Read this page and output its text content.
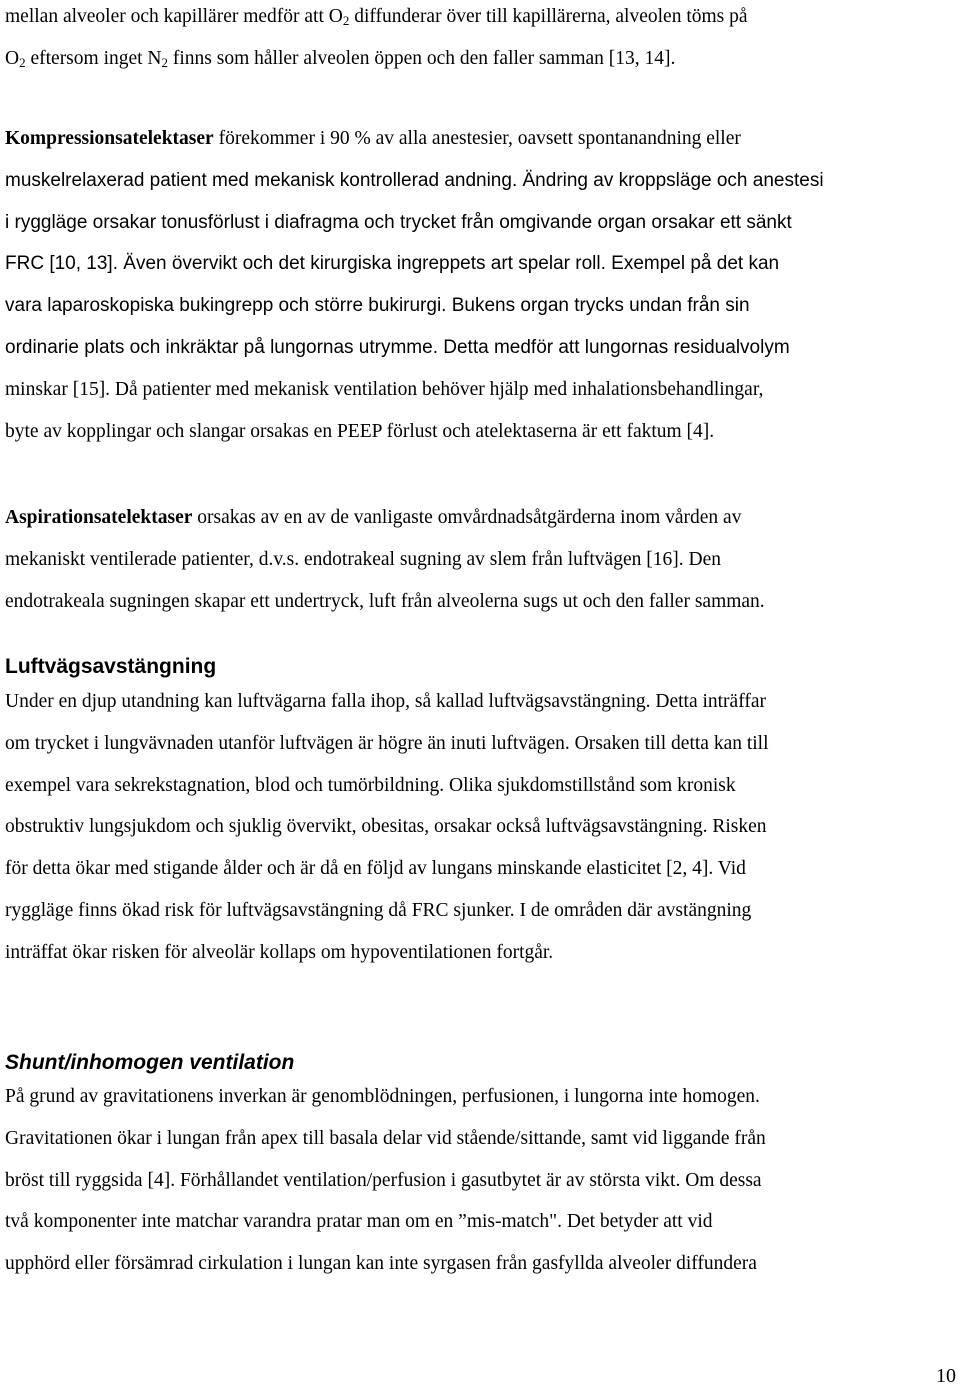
mellan alveoler och kapillärer medför att $O_2$ diffunderar över till kapillärerna, alveolen töms på
$O_2$ eftersom inget $N_2$ finns som håller alveolen öppen och den faller samman [13, 14].

Kompressionsatelektaser förekommer i 90 % av alla anestesier, oavsett spontanandning eller
muskelrelaxerad patient med mekanisk kontrollerad andning. Ändring av kroppsläge och anestesi
i ryggläge orsakar tonusförlust i diafragma och trycket från omgivande organ orsakar ett sänkt
FRC [10, 13]. Även övervikt och det kirurgiska ingreppets art spelar roll. Exempel på det kan
vara laparoskopiska bukingrepp och större bukirurgi. Bukens organ trycks undan från sin
ordinarie plats och inkräktar på lungornas utrymme. Detta medför att lungornas residualvolym
minskar [15]. Då patienter med mekanisk ventilation behöver hjälp med inhalationsbehandlingar,
byte av kopplingar och slangar orsakas en PEEP förlust och atelektaserna är ett faktum [4].

Aspirationsatelektaser orsakas av en av de vanligaste omvårdnadsåtgärderna inom vården av
mekaniskt ventilerade patienter, d.v.s. endotrakeal sugning av slem från luftvägen [16]. Den
endotrakeala sugningen skapar ett undertryck, luft från alveolerna sugs ut och den faller samman.

Luftvägsavstängning

Under en djup utandning kan luftvägarna falla ihop, så kallad luftvägsavstängning. Detta inträffar
om trycket i lungvävnaden utanför luftvägen är högre än inuti luftvägen. Orsaken till detta kan till
exempel vara sekrekstagnation, blod och tumörbildning. Olika sjukdomstillstånd som kronisk
obstruktiv lungsjukdom och sjuklig övervikt, obesitas, orsakar också luftvägsavstängning. Risken
för detta ökar med stigande ålder och är då en följd av lungans minskande elasticitet [2, 4]. Vid
ryggläge finns ökad risk för luftvägsavstängning då FRC sjunker. I de områden där avstängning
inträffat ökar risken för alveolär kollaps om hypoventilationen fortgår.

Shunt/inhomogen ventilation

På grund av gravitationens inverkan är genomblödningen, perfusionen, i lungorna inte homogen.
Gravitationen ökar i lungan från apex till basala delar vid stående/sittande, samt vid liggande från
bröst till ryggsida [4]. Förhållandet ventilation/perfusion i gasutbytet är av största vikt. Om dessa
två komponenter inte matchar varandra pratar man om en ”mis-match". Det betyder att vid
upphörd eller försämrad cirkulation i lungan kan inte syrgasen från gasfyllda alveoler diffundera

10
